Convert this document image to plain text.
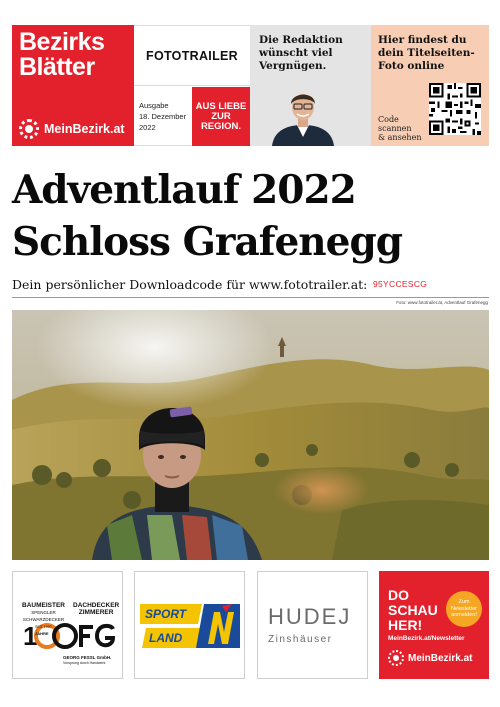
Bezirks
Blätter
MeinBezirk.at
FOTOTRAILER
Ausgabe
18. Dezember
2022
AUS LIEBE
ZUR
REGION.
Die Redaktion
wünscht viel
Vergnügen.
Hier findest du
dein Titelseiten-
Foto online
Code
scannen
& ansehen
Adventlauf 2022
Schloss Grafenegg
Dein persönlicher Downloadcode für www.fototrailer.at: 95YCCESCG
Foto: www.fototrailer.at, Adventlauf Grafenegg
BAUMEISTER
SPENGLER
SCHWARZDECKER
DACHDECKER
ZIMMERER
1
JAHRE
SEIT 1920
GEORG FESSL GmbH.
Vorsprung durch Handwerk
SPORT
LAND
HUDEJ
Zinshäuser
DO
SCHAU
HER!
Zum Newsletter anmelden!
MeinBezirk.at/Newsletter
MeinBezirk.at
